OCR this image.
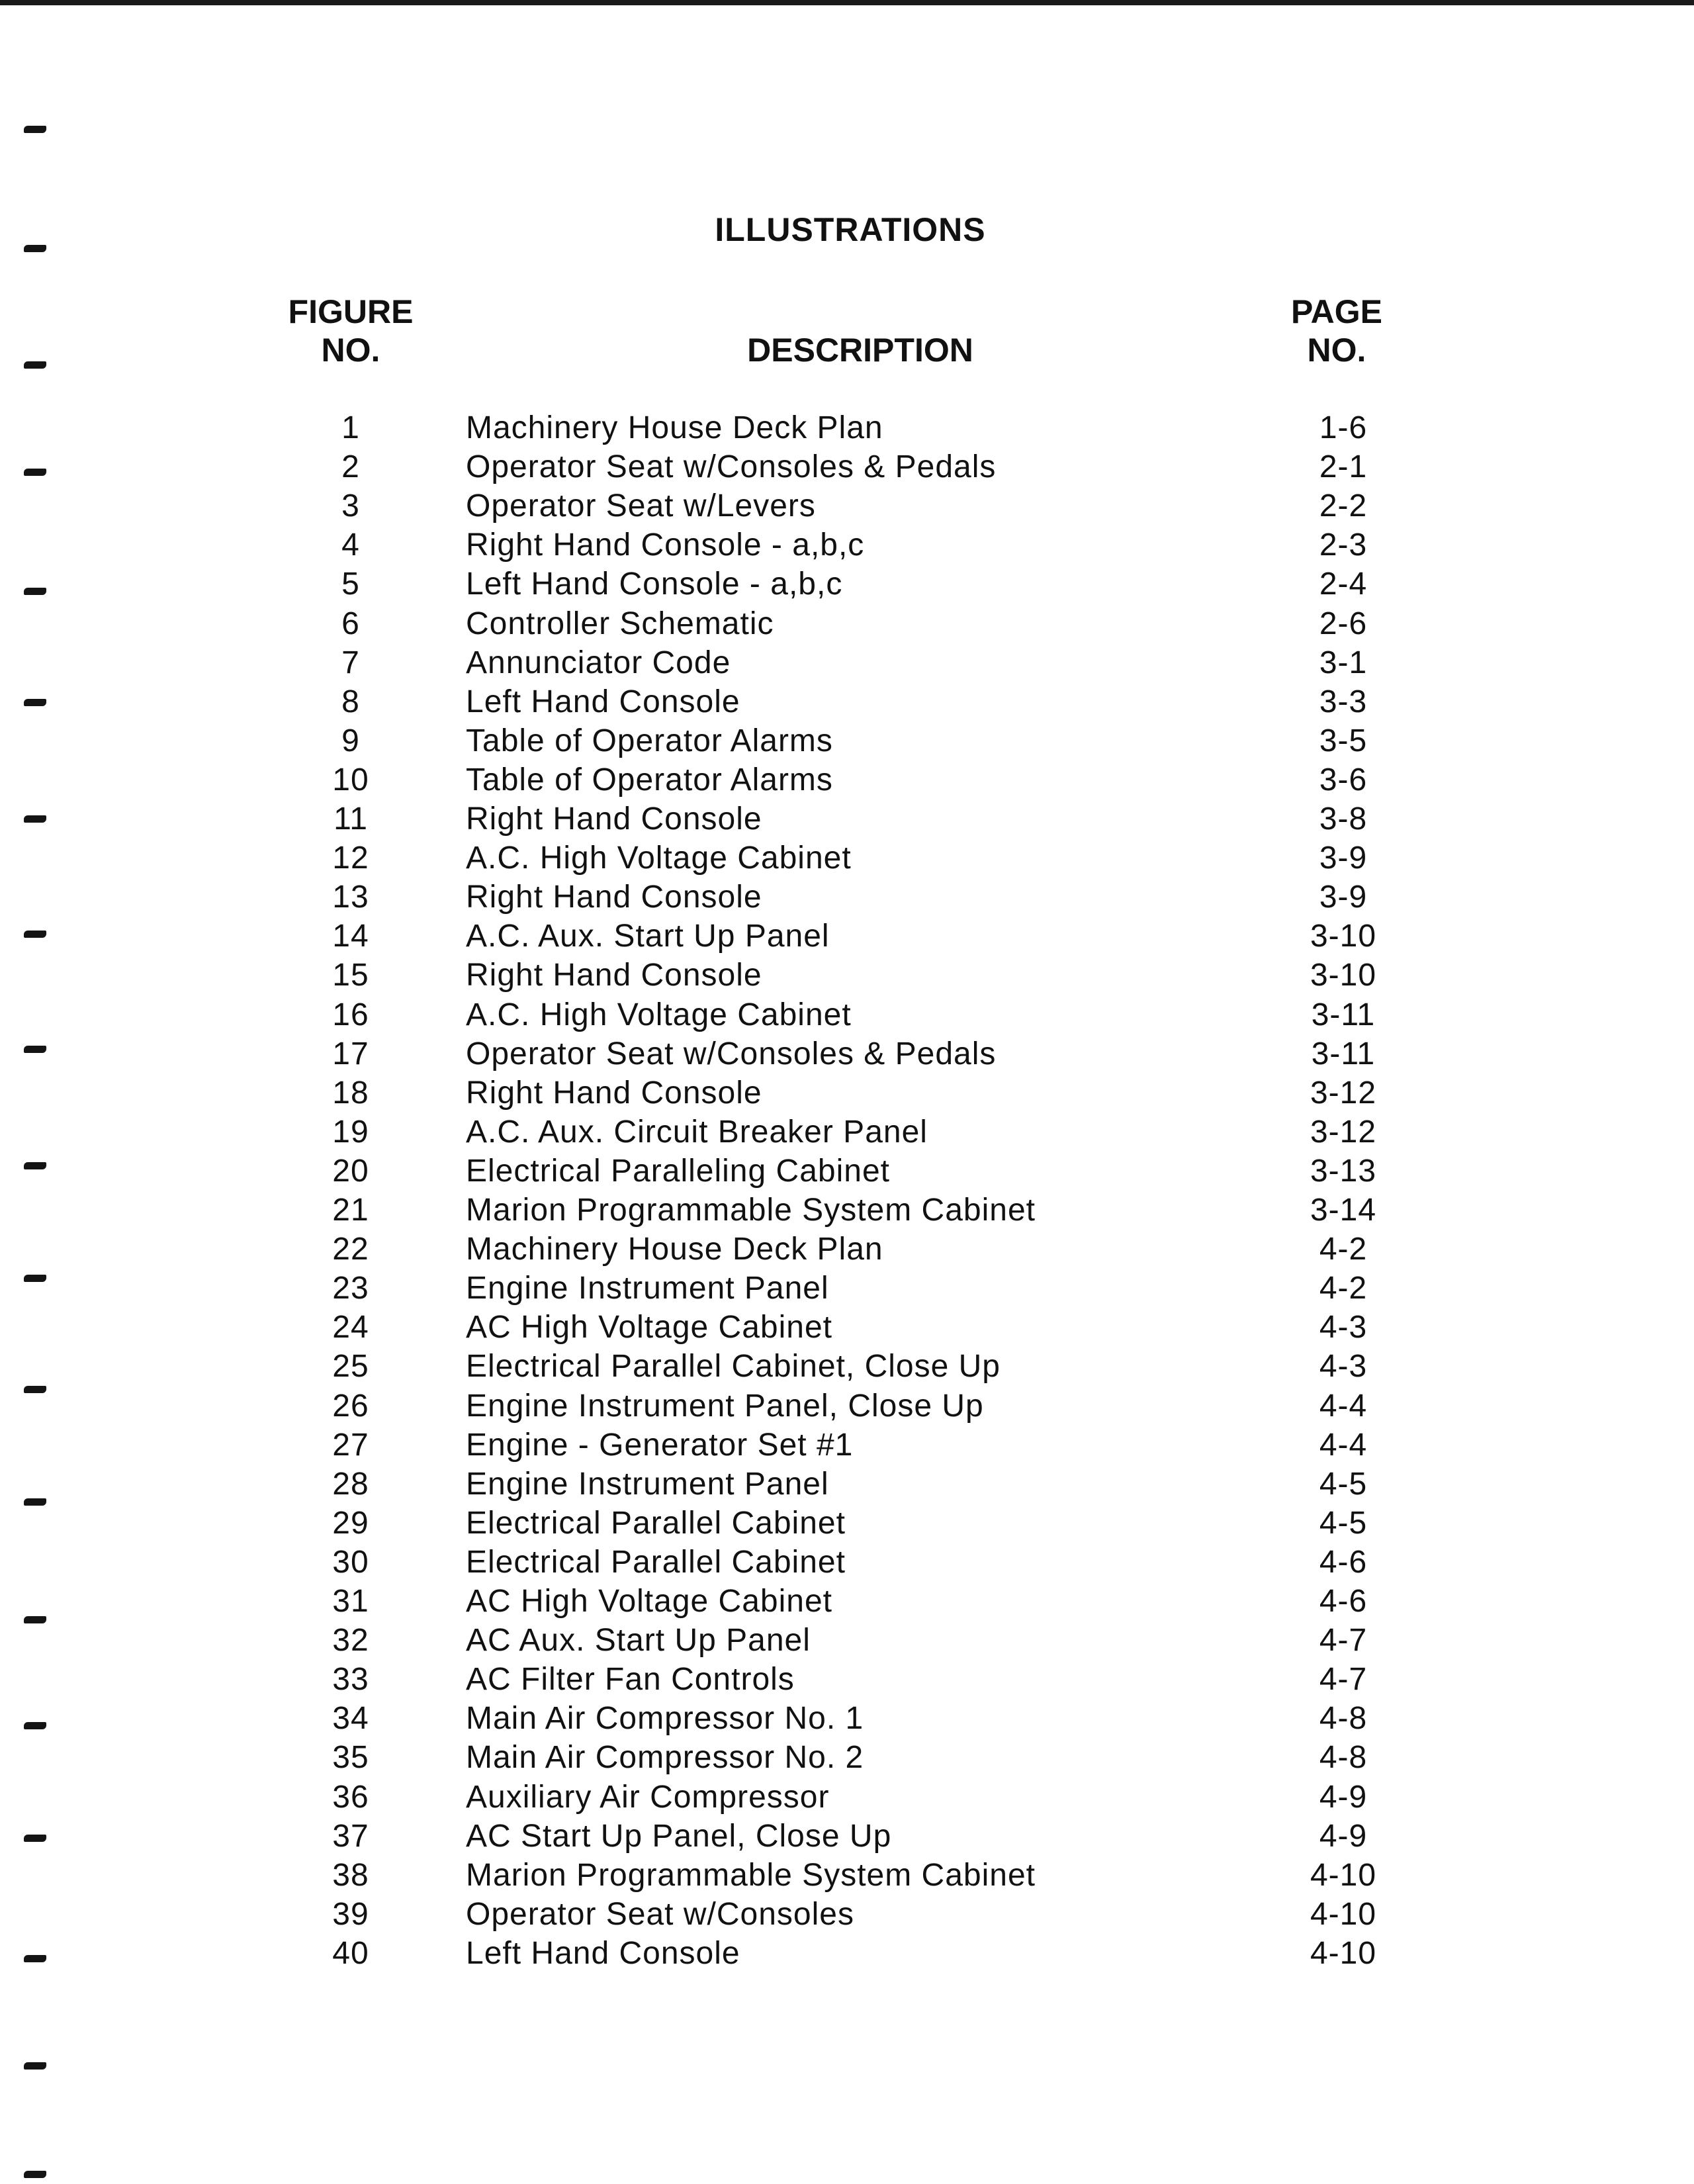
ILLUSTRATIONS
FIGURE
NO.	DESCRIPTION
PAGE
NO.
1	Machinery House Deck Plan	1-6
2	Operator Seat w/Consoles & Pedals	2-1
3	Operator Seat w/Levers	2-2
4	Right Hand Console - a,b,c	2-3
5	Left Hand Console - a,b,c	2-4
6	Controller Schematic	2-6
7	Annunciator Code	3-1
8	Left Hand Console	3-3
9	Table of Operator Alarms	3-5
10	Table of Operator Alarms	3-6
11	Right Hand Console	3-8
12	A.C. High Voltage Cabinet	3-9
13	Right Hand Console	3-9
14	A.C. Aux. Start Up Panel	3-10
15	Right Hand Console	3-10
16	A.C. High Voltage Cabinet	3-11
17	Operator Seat w/Consoles & Pedals	3-11
18	Right Hand Console	3-12
19	A.C. Aux. Circuit Breaker Panel	3-12
20	Electrical Paralleling Cabinet	3-13
21	Marion Programmable System Cabinet	3-14
22	Machinery House Deck Plan	4-2
23	Engine Instrument Panel	4-2
24	AC High Voltage Cabinet	4-3
25	Electrical Parallel Cabinet, Close Up	4-3
26	Engine Instrument Panel, Close Up	4-4
27	Engine - Generator Set #1	4-4
28	Engine Instrument Panel	4-5
29	Electrical Parallel Cabinet	4-5
30	Electrical Parallel Cabinet	4-6
31	AC High Voltage Cabinet	4-6
32	AC Aux. Start Up Panel	4-7
33	AC Filter Fan Controls	4-7
34	Main Air Compressor No. 1	4-8
35	Main Air Compressor No. 2	4-8
36	Auxiliary Air Compressor	4-9
37	AC Start Up Panel, Close Up	4-9
38	Marion Programmable System Cabinet	4-10
39	Operator Seat w/Consoles	4-10
40	Left Hand Console	4-10
